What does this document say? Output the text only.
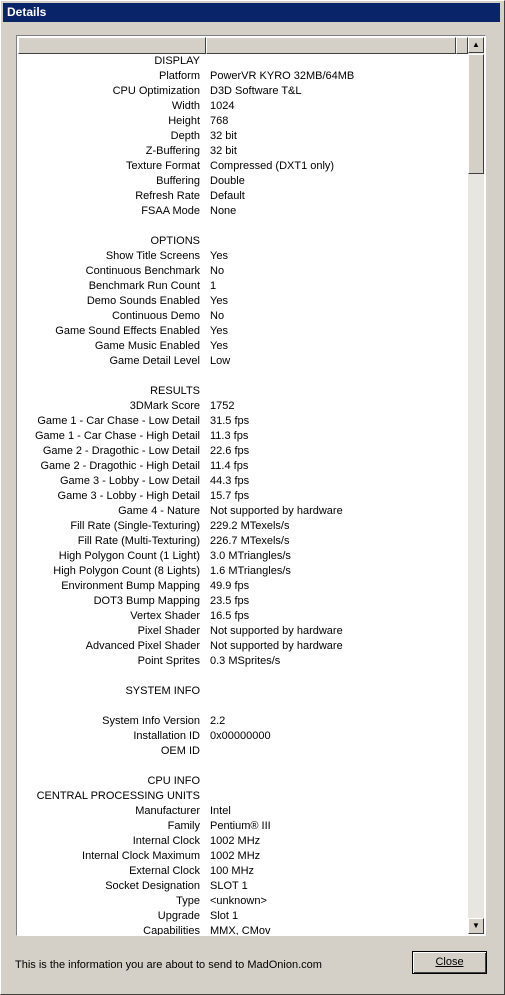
Details
DISPLAY
Platform PowerVR KYRO 32MB/64MB
CPU Optimization D3D Software T&L
Width 1024
Height 768
Depth 32 bit
Z-Buffering 32 bit
Texture Format Compressed (DXT1 only)
Buffering Double
Refresh Rate Default
FSAA Mode None
OPTIONS
Show Title Screens Yes
Continuous Benchmark No
Benchmark Run Count 1
Demo Sounds Enabled Yes
Continuous Demo No
Game Sound Effects Enabled Yes
Game Music Enabled Yes
Game Detail Level Low
RESULTS
3DMark Score 1752
Game 1 - Car Chase - Low Detail 31.5 fps
Game 1 - Car Chase - High Detail 11.3 fps
Game 2 - Dragothic - Low Detail 22.6 fps
Game 2 - Dragothic - High Detail 11.4 fps
Game 3 - Lobby - Low Detail 44.3 fps
Game 3 - Lobby - High Detail 15.7 fps
Game 4 - Nature Not supported by hardware
Fill Rate (Single-Texturing) 229.2 MTexels/s
Fill Rate (Multi-Texturing) 226.7 MTexels/s
High Polygon Count (1 Light) 3.0 MTriangles/s
High Polygon Count (8 Lights) 1.6 MTriangles/s
Environment Bump Mapping 49.9 fps
DOT3 Bump Mapping 23.5 fps
Vertex Shader 16.5 fps
Pixel Shader Not supported by hardware
Advanced Pixel Shader Not supported by hardware
Point Sprites 0.3 MSprites/s
SYSTEM INFO
System Info Version 2.2
Installation ID 0x00000000
OEM ID
CPU INFO
CENTRAL PROCESSING UNITS
Manufacturer Intel
Family Pentium® III
Internal Clock 1002 MHz
Internal Clock Maximum 1002 MHz
External Clock 100 MHz
Socket Designation SLOT 1
Type <unknown>
Upgrade Slot 1
Capabilities MMX, CMov
▲
▼
This is the information you are about to send to MadOnion.com	Close
